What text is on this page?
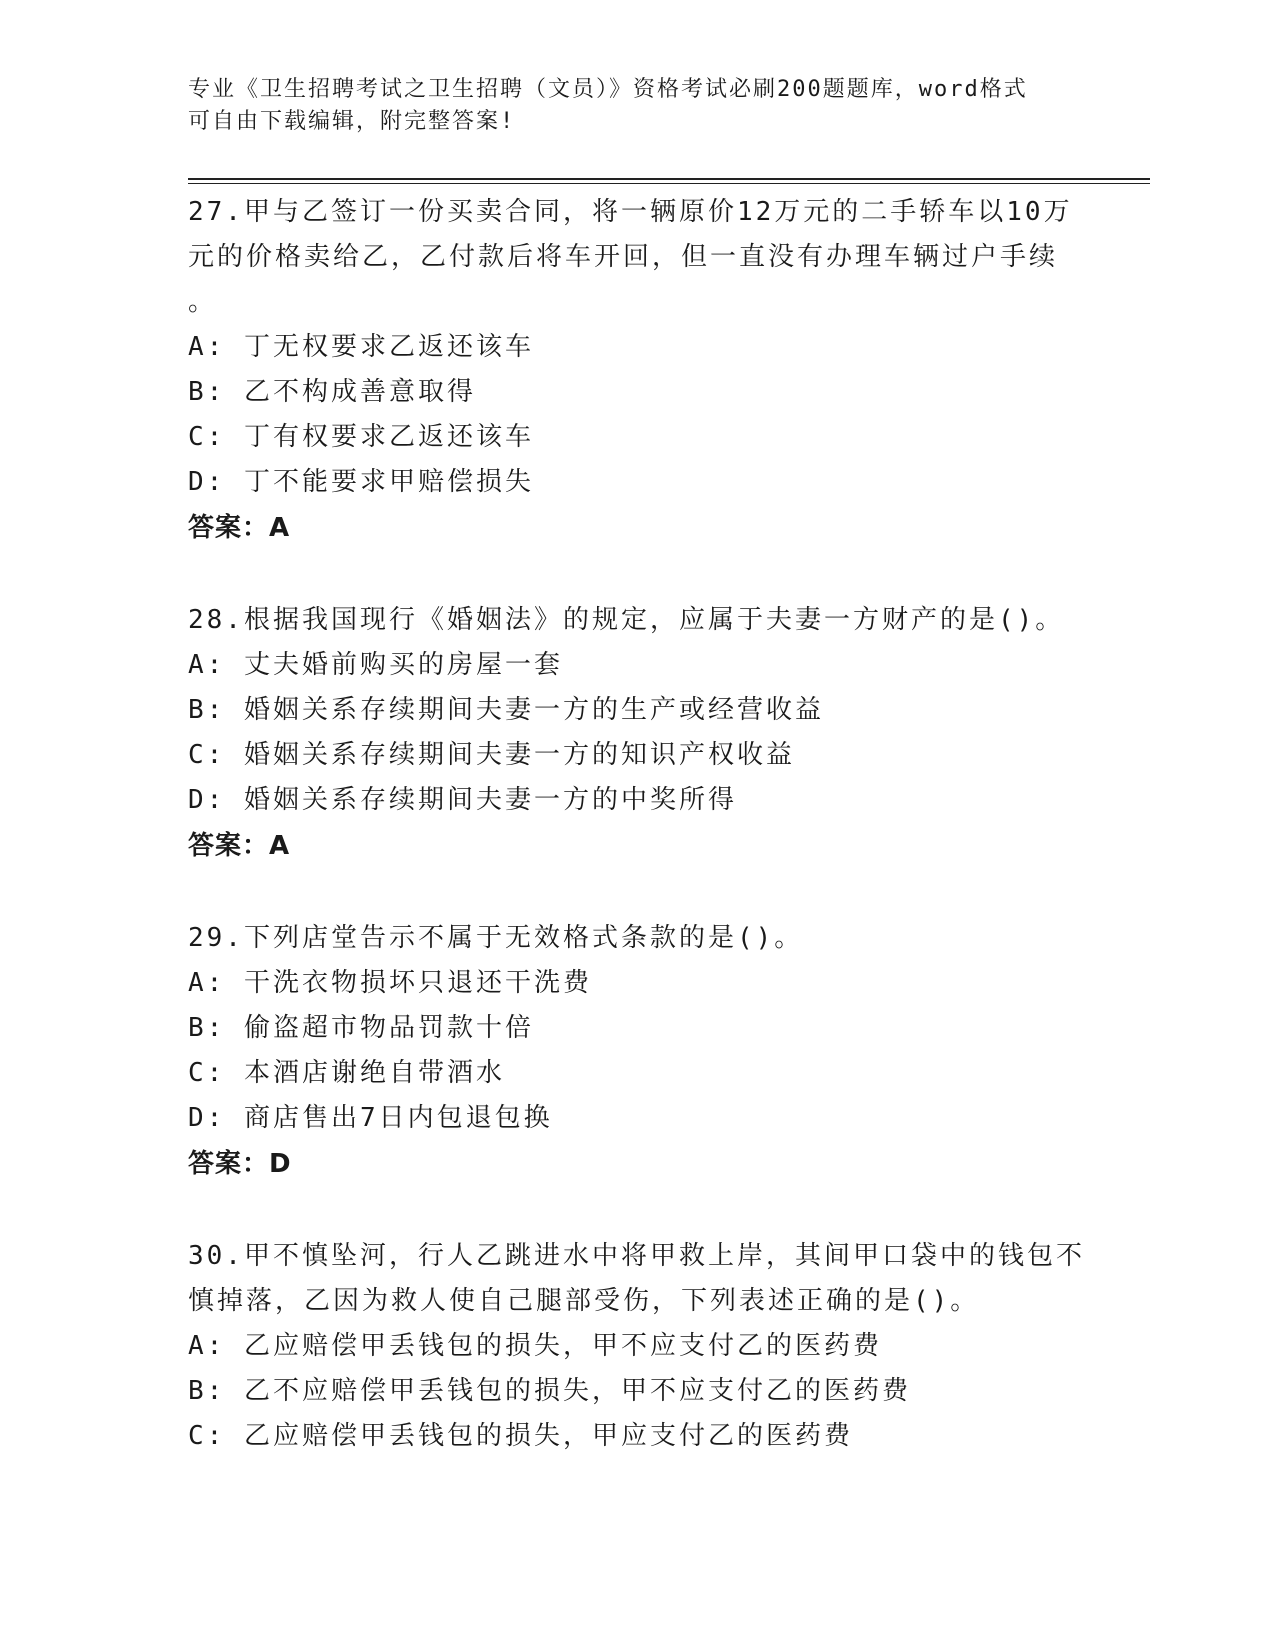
专业《卫生招聘考试之卫生招聘（文员）》资格考试必刷200题题库，word格式
可自由下载编辑，附完整答案!
27.甲与乙签订一份买卖合同，将一辆原价12万元的二手轿车以10万
元的价格卖给乙，乙付款后将车开回，但一直没有办理车辆过户手续
。
A: 丁无权要求乙返还该车
B: 乙不构成善意取得
C: 丁有权要求乙返还该车
D: 丁不能要求甲赔偿损失
答案：A
28.根据我国现行《婚姻法》的规定，应属于夫妻一方财产的是()。
A: 丈夫婚前购买的房屋一套
B: 婚姻关系存续期间夫妻一方的生产或经营收益
C: 婚姻关系存续期间夫妻一方的知识产权收益
D: 婚姻关系存续期间夫妻一方的中奖所得
答案：A
29.下列店堂告示不属于无效格式条款的是()。
A: 干洗衣物损坏只退还干洗费
B: 偷盗超市物品罚款十倍
C: 本酒店谢绝自带酒水
D: 商店售出7日内包退包换
答案：D
30.甲不慎坠河，行人乙跳进水中将甲救上岸，其间甲口袋中的钱包不
慎掉落，乙因为救人使自己腿部受伤，下列表述正确的是()。
A: 乙应赔偿甲丢钱包的损失，甲不应支付乙的医药费
B: 乙不应赔偿甲丢钱包的损失，甲不应支付乙的医药费
C: 乙应赔偿甲丢钱包的损失，甲应支付乙的医药费
